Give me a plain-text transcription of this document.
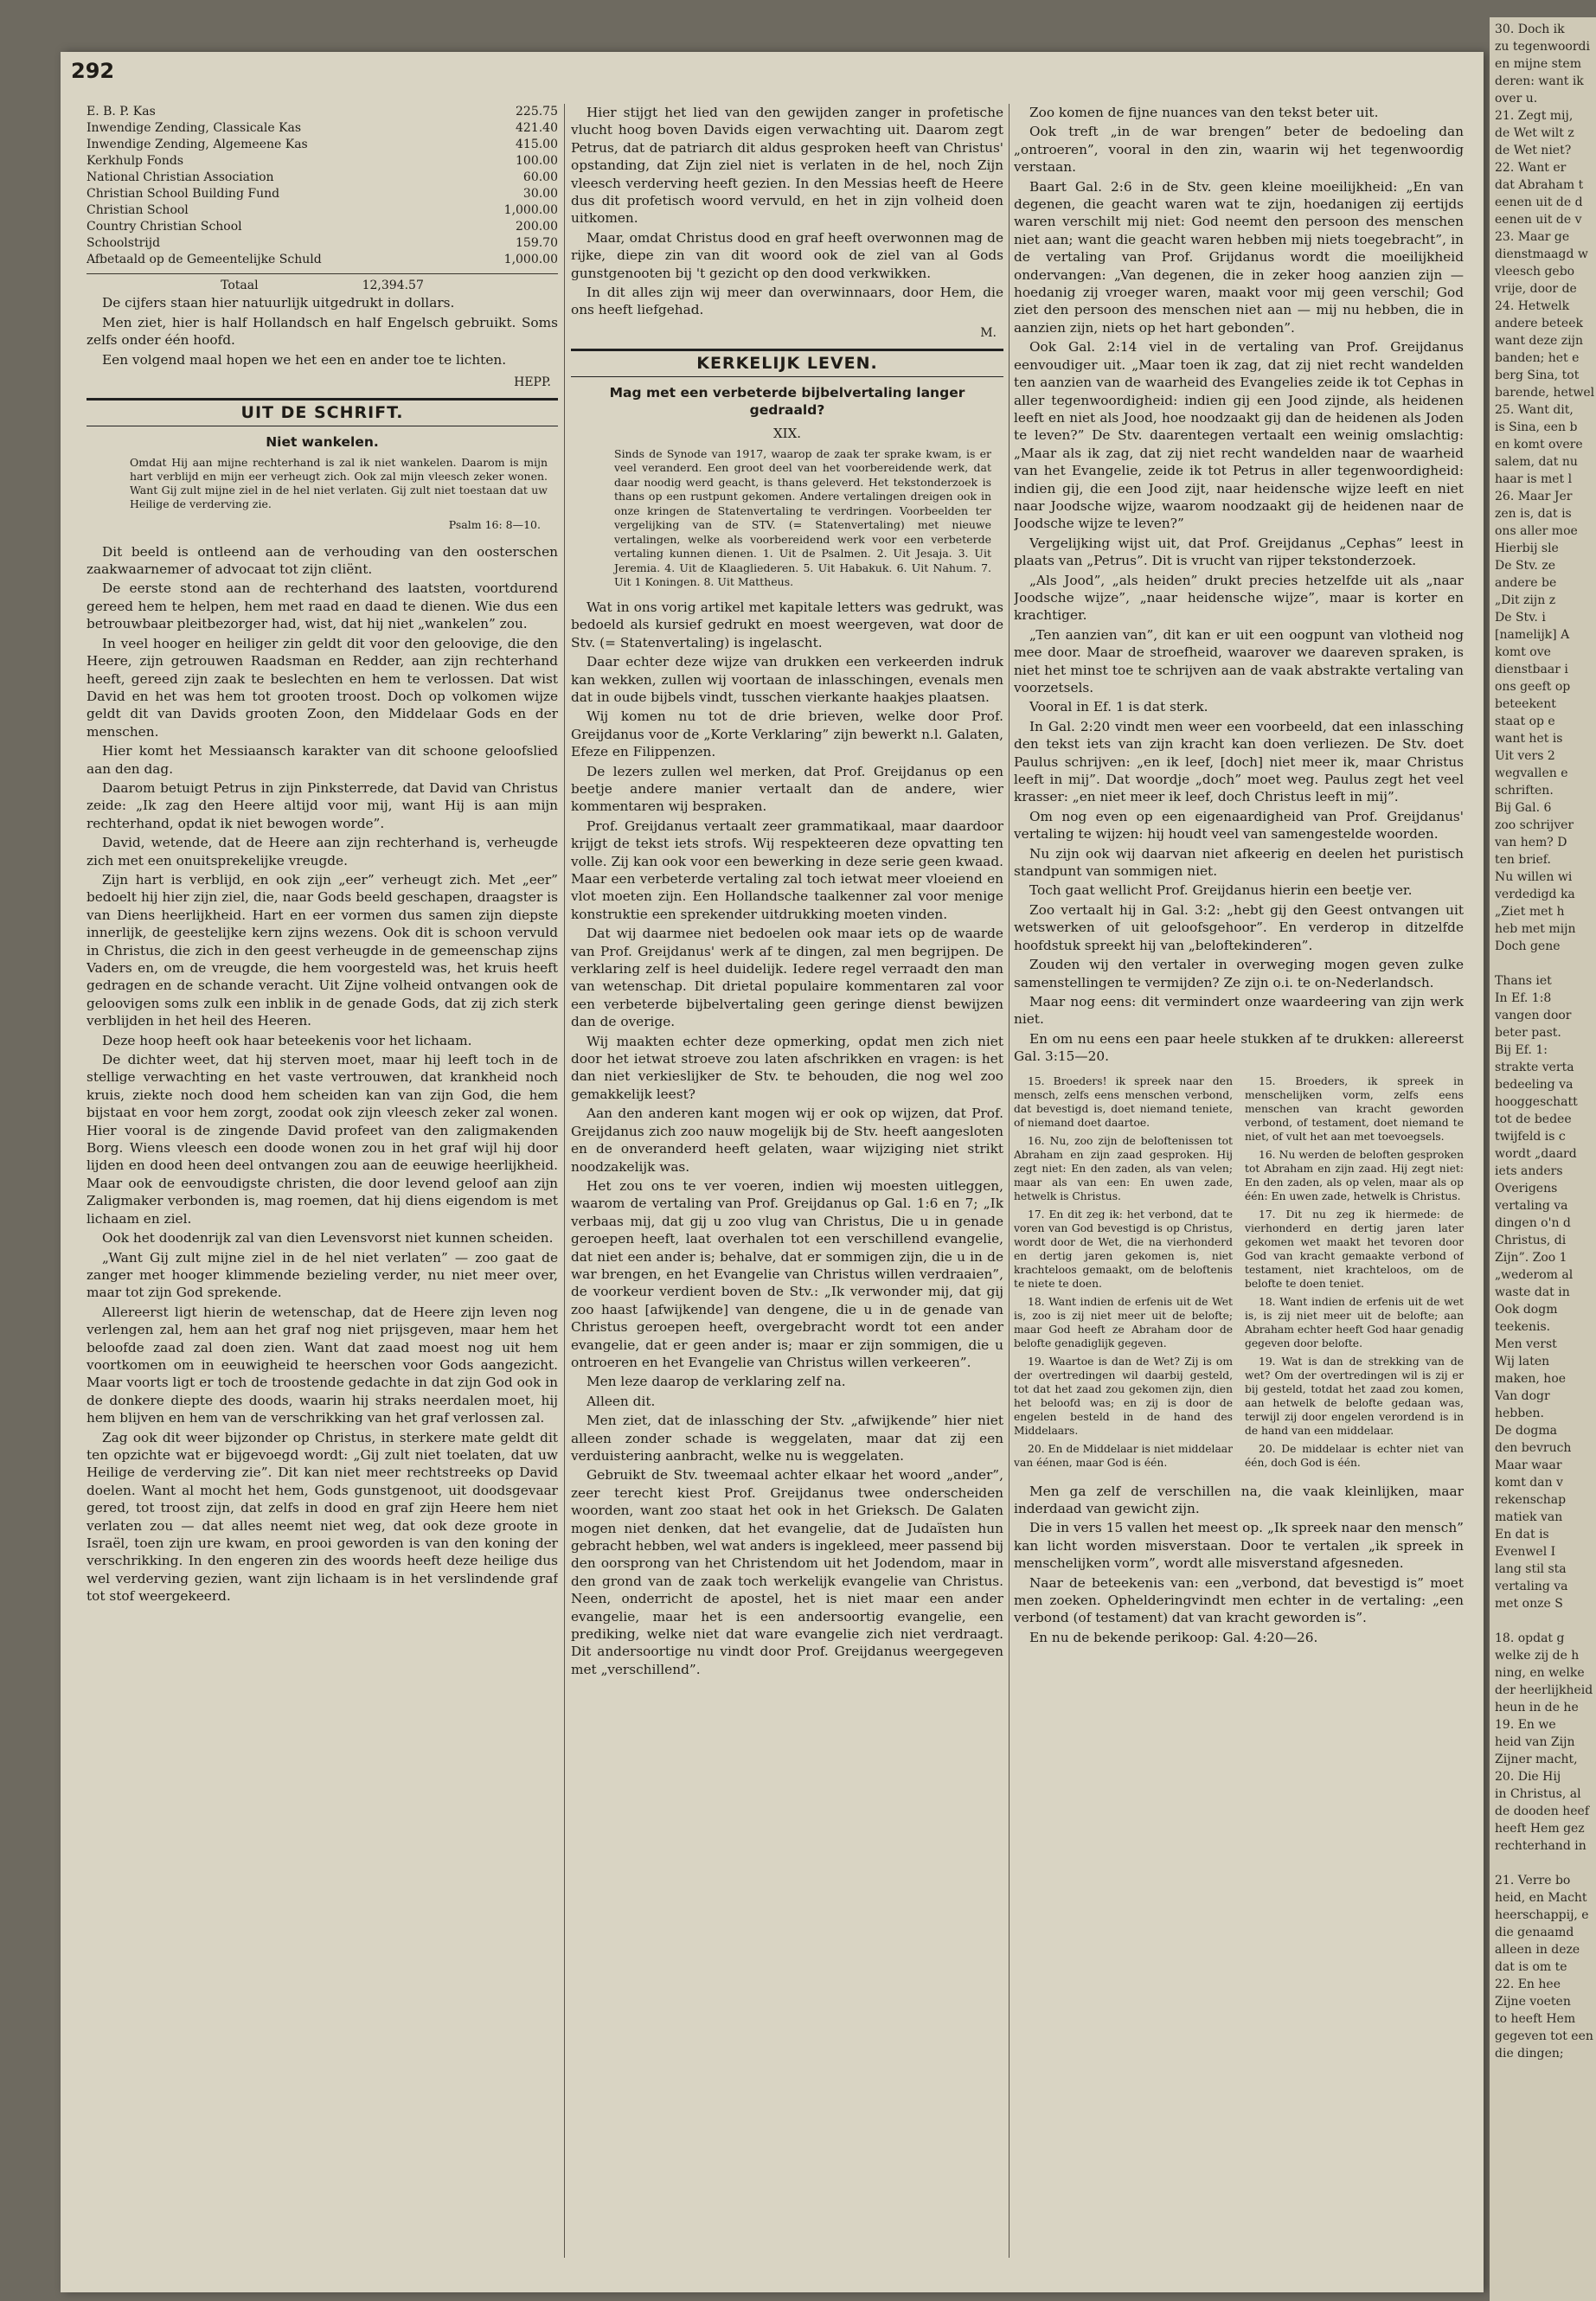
30. Doch ik
zu tegenwoordi
en mijne stem
deren: want ik
over u.
21. Zegt mij,
de Wet wilt z
de Wet niet?
22. Want er
dat Abraham t
eenen uit de d
eenen uit de v
23. Maar ge
dienstmaagd w
vleesch gebo
vrije, door de
24. Hetwelk
andere beteek
want deze zijn
banden; het e
berg Sina, tot
barende, hetwel
25. Want dit,
is Sina, een b
en komt overe
salem, dat nu
haar is met l
26. Maar Jer
zen is, dat is
ons aller moe
Hierbij sle
De Stv. ze
andere be
„Dit zijn z
De Stv. i
[namelijk] A
komt ove
dienstbaar i
ons geeft op
beteekent
staat op e
want het is
Uit vers 2
wegvallen e
schriften.
Bij Gal. 6
zoo schrijver
van hem? D
ten brief.
Nu willen wi
verdedigd ka
„Ziet met h
heb met mijn
Doch gene
Thans iet
In Ef. 1:8
vangen door
beter past.
Bij Ef. 1:
strakte verta
bedeeling va
hooggeschatt
tot de bedee
twijfeld is c
wordt „daard
iets anders
Overigens
vertaling va
dingen o'n d
Christus, di
Zijn”. Zoo 1
„wederom al
waste dat in
Ook dogm
teekenis.
Men verst
Wij laten
maken, hoe
Van dogr
hebben.
De dogma
den bevruch
Maar waar
komt dan v
rekenschap
matiek van
En dat is
Evenwel I
lang stil sta
vertaling va
met onze S
18. opdat g
welke zij de h
ning, en welke
der heerlijkheid
heun in de he
19. En we
heid van Zijn
Zijner macht,
20. Die Hij
in Christus, al
de dooden heef
heeft Hem gez
rechterhand in
21. Verre bo
heid, en Macht
heerschappij, e
die genaamd
alleen in deze
dat is om te
22. En hee
Zijne voeten
to heeft Hem
gegeven tot een
die dingen;
292
E. B. P. Kas	225.75
Inwendige Zending, Classicale Kas	421.40
Inwendige Zending, Algemeene Kas	415.00
Kerkhulp Fonds	100.00
National Christian Association	60.00
Christian School Building Fund	30.00
Christian School	1,000.00
Country Christian School	200.00
Schoolstrijd	159.70
Afbetaald op de Gemeentelijke Schuld	1,000.00
Totaal	12,394.57

De cijfers staan hier natuurlijk uitgedrukt in dollars.

Men ziet, hier is half Hollandsch en half Engelsch gebruikt. Soms zelfs onder één hoofd.

Een volgend maal hopen we het een en ander toe te lichten.

HEPP.
UIT DE SCHRIFT.
Niet wankelen.
Omdat Hij aan mijne rechterhand is zal ik niet wankelen. Daarom is mijn hart verblijd en mijn eer verheugt zich. Ook zal mijn vleesch zeker wonen. Want Gij zult mijne ziel in de hel niet verlaten. Gij zult niet toestaan dat uw Heilige de verderving zie.
Psalm 16: 8—10.

Dit beeld is ontleend aan de verhouding van den oosterschen zaakwaarnemer of advocaat tot zijn cliënt.

De eerste stond aan de rechterhand des laatsten, voortdurend gereed hem te helpen, hem met raad en daad te dienen. Wie dus een betrouwbaar pleitbezorger had, wist, dat hij niet „wankelen” zou.

In veel hooger en heiliger zin geldt dit voor den geloovige, die den Heere, zijn getrouwen Raadsman en Redder, aan zijn rechterhand heeft, gereed zijn zaak te beslechten en hem te verlossen. Dat wist David en het was hem tot grooten troost. Doch op volkomen wijze geldt dit van Davids grooten Zoon, den Middelaar Gods en der menschen.

Hier komt het Messiaansch karakter van dit schoone geloofslied aan den dag.

Daarom betuigt Petrus in zijn Pinksterrede, dat David van Christus zeide: „Ik zag den Heere altijd voor mij, want Hij is aan mijn rechterhand, opdat ik niet bewogen worde”.

David, wetende, dat de Heere aan zijn rechterhand is, verheugde zich met een onuitsprekelijke vreugde.

Zijn hart is verblijd, en ook zijn „eer” verheugt zich. Met „eer” bedoelt hij hier zijn ziel, die, naar Gods beeld geschapen, draagster is van Diens heerlijkheid. Hart en eer vormen dus samen zijn diepste innerlijk, de geestelijke kern zijns wezens. Ook dit is schoon vervuld in Christus, die zich in den geest verheugde in de gemeenschap zijns Vaders en, om de vreugde, die hem voorgesteld was, het kruis heeft gedragen en de schande veracht. Uit Zijne volheid ontvangen ook de geloovigen soms zulk een inblik in de genade Gods, dat zij zich sterk verblijden in het heil des Heeren.

Deze hoop heeft ook haar beteekenis voor het lichaam.

De dichter weet, dat hij sterven moet, maar hij leeft toch in de stellige verwachting en het vaste vertrouwen, dat krankheid noch kruis, ziekte noch dood hem scheiden kan van zijn God, die hem bijstaat en voor hem zorgt, zoodat ook zijn vleesch zeker zal wonen. Hier vooral is de zingende David profeet van den zaligmakenden Borg. Wiens vleesch een doode wonen zou in het graf wijl hij door lijden en dood heen deel ontvangen zou aan de eeuwige heerlijkheid. Maar ook de eenvoudigste christen, die door levend geloof aan zijn Zaligmaker verbonden is, mag roemen, dat hij diens eigendom is met lichaam en ziel.

Ook het doodenrijk zal van dien Levensvorst niet kunnen scheiden.

„Want Gij zult mijne ziel in de hel niet verlaten” — zoo gaat de zanger met hooger klimmende bezieling verder, nu niet meer over, maar tot zijn God sprekende.

Allereerst ligt hierin de wetenschap, dat de Heere zijn leven nog verlengen zal, hem aan het graf nog niet prijsgeven, maar hem het beloofde zaad zal doen zien. Want dat zaad moest nog uit hem voortkomen om in eeuwigheid te heerschen voor Gods aangezicht. Maar voorts ligt er toch de troostende gedachte in dat zijn God ook in de donkere diepte des doods, waarin hij straks neerdalen moet, hij hem blijven en hem van de verschrikking van het graf verlossen zal.

Zag ook dit weer bijzonder op Christus, in sterkere mate geldt dit ten opzichte wat er bijgevoegd wordt: „Gij zult niet toelaten, dat uw Heilige de verderving zie”. Dit kan niet meer rechtstreeks op David doelen. Want al mocht het hem, Gods gunstgenoot, uit doodsgevaar gered, tot troost zijn, dat zelfs in dood en graf zijn Heere hem niet verlaten zou — dat alles neemt niet weg, dat ook deze groote in Israël, toen zijn ure kwam, en prooi geworden is van den koning der verschrikking. In den engeren zin des woords heeft deze heilige dus wel verderving gezien, want zijn lichaam is in het verslindende graf tot stof weergekeerd.

Hier stijgt het lied van den gewijden zanger in profetische vlucht hoog boven Davids eigen verwachting uit. Daarom zegt Petrus, dat de patriarch dit aldus gesproken heeft van Christus' opstanding, dat Zijn ziel niet is verlaten in de hel, noch Zijn vleesch verderving heeft gezien. In den Messias heeft de Heere dus dit profetisch woord vervuld, en het in zijn volheid doen uitkomen.

Maar, omdat Christus dood en graf heeft overwonnen mag de rijke, diepe zin van dit woord ook de ziel van al Gods gunstgenooten bij 't gezicht op den dood verkwikken.

In dit alles zijn wij meer dan overwinnaars, door Hem, die ons heeft liefgehad.

M.
KERKELIJK LEVEN.
Mag met een verbeterde bijbelvertaling langer gedraald?
XIX.
Sinds de Synode van 1917, waarop de zaak ter sprake kwam, is er veel veranderd. Een groot deel van het voorbereidende werk, dat daar noodig werd geacht, is thans geleverd. Het tekstonderzoek is thans op een rustpunt gekomen. Andere vertalingen dreigen ook in onze kringen de Statenvertaling te verdringen. Voorbeelden ter vergelijking van de STV. (= Statenvertaling) met nieuwe vertalingen, welke als voorbereidend werk voor een verbeterde vertaling kunnen dienen. 1. Uit de Psalmen. 2. Uit Jesaja. 3. Uit Jeremia. 4. Uit de Klaagliederen. 5. Uit Habakuk. 6. Uit Nahum. 7. Uit 1 Koningen. 8. Uit Mattheus.

Wat in ons vorig artikel met kapitale letters was gedrukt, was bedoeld als kursief gedrukt en moest weergeven, wat door de Stv. (= Statenvertaling) is ingelascht.

Daar echter deze wijze van drukken een verkeerden indruk kan wekken, zullen wij voortaan de inlasschingen, evenals men dat in oude bijbels vindt, tusschen vierkante haakjes plaatsen.

Wij komen nu tot de drie brieven, welke door Prof. Greijdanus voor de „Korte Verklaring” zijn bewerkt n.l. Galaten, Efeze en Filippenzen.

De lezers zullen wel merken, dat Prof. Greijdanus op een beetje andere manier vertaalt dan de andere, wier kommentaren wij bespraken.

Prof. Greijdanus vertaalt zeer grammatikaal, maar daardoor krijgt de tekst iets strofs. Wij respekteeren deze opvatting ten volle. Zij kan ook voor een bewerking in deze serie geen kwaad. Maar een verbeterde vertaling zal toch ietwat meer vloeiend en vlot moeten zijn. Een Hollandsche taalkenner zal voor menige konstruktie een sprekender uitdrukking moeten vinden.

Dat wij daarmee niet bedoelen ook maar iets op de waarde van Prof. Greijdanus' werk af te dingen, zal men begrijpen. De verklaring zelf is heel duidelijk. Iedere regel verraadt den man van wetenschap. Dit drietal populaire kommentaren zal voor een verbeterde bijbelvertaling geen geringe dienst bewijzen dan de overige.

Wij maakten echter deze opmerking, opdat men zich niet door het ietwat stroeve zou laten afschrikken en vragen: is het dan niet verkieslijker de Stv. te behouden, die nog wel zoo gemakkelijk leest?

Aan den anderen kant mogen wij er ook op wijzen, dat Prof. Greijdanus zich zoo nauw mogelijk bij de Stv. heeft aangesloten en de onveranderd heeft gelaten, waar wijziging niet strikt noodzakelijk was.

Het zou ons te ver voeren, indien wij moesten uitleggen, waarom de vertaling van Prof. Greijdanus op Gal. 1:6 en 7; „Ik verbaas mij, dat gij u zoo vlug van Christus, Die u in genade geroepen heeft, laat overhalen tot een verschillend evangelie, dat niet een ander is; behalve, dat er sommigen zijn, die u in de war brengen, en het Evangelie van Christus willen verdraaien”, de voorkeur verdient boven de Stv.: „Ik verwonder mij, dat gij zoo haast [afwijkende] van dengene, die u in de genade van Christus geroepen heeft, overgebracht wordt tot een ander evangelie, dat er geen ander is; maar er zijn sommigen, die u ontroeren en het Evangelie van Christus willen verkeeren”.

Men leze daarop de verklaring zelf na.

Alleen dit.

Men ziet, dat de inlassching der Stv. „afwijkende” hier niet alleen zonder schade is weggelaten, maar dat zij een verduistering aanbracht, welke nu is weggelaten.

Gebruikt de Stv. tweemaal achter elkaar het woord „ander”, zeer terecht kiest Prof. Greijdanus twee onderscheiden woorden, want zoo staat het ook in het Grieksch. De Galaten mogen niet denken, dat het evangelie, dat de Judaïsten hun gebracht hebben, wel wat anders is ingekleed, meer passend bij den oorsprong van het Christendom uit het Jodendom, maar in den grond van de zaak toch werkelijk evangelie van Christus. Neen, onderricht de apostel, het is niet maar een ander evangelie, maar het is een andersoortig evangelie, een prediking, welke niet dat ware evangelie zich niet verdraagt. Dit andersoortige nu vindt door Prof. Greijdanus weergegeven met „verschillend”.

Zoo komen de fijne nuances van den tekst beter uit.

Ook treft „in de war brengen” beter de bedoeling dan „ontroeren”, vooral in den zin, waarin wij het tegenwoordig verstaan.

Baart Gal. 2:6 in de Stv. geen kleine moeilijkheid: „En van degenen, die geacht waren wat te zijn, hoedanigen zij eertijds waren verschilt mij niet: God neemt den persoon des menschen niet aan; want die geacht waren hebben mij niets toegebracht”, in de vertaling van Prof. Grijdanus wordt die moeilijkheid ondervangen: „Van degenen, die in zeker hoog aanzien zijn — hoedanig zij vroeger waren, maakt voor mij geen verschil; God ziet den persoon des menschen niet aan — mij nu hebben, die in aanzien zijn, niets op het hart gebonden”.

Ook Gal. 2:14 viel in de vertaling van Prof. Greijdanus eenvoudiger uit. „Maar toen ik zag, dat zij niet recht wandelden ten aanzien van de waarheid des Evangelies zeide ik tot Cephas in aller tegenwoordigheid: indien gij een Jood zijnde, als heidenen leeft en niet als Jood, hoe noodzaakt gij dan de heidenen als Joden te leven?” De Stv. daarentegen vertaalt een weinig omslachtig: „Maar als ik zag, dat zij niet recht wandelden naar de waarheid van het Evangelie, zeide ik tot Petrus in aller tegenwoordigheid: indien gij, die een Jood zijt, naar heidensche wijze leeft en niet naar Joodsche wijze, waarom noodzaakt gij de heidenen naar de Joodsche wijze te leven?”

Vergelijking wijst uit, dat Prof. Greijdanus „Cephas” leest in plaats van „Petrus”. Dit is vrucht van rijper tekstonderzoek.

„Als Jood”, „als heiden” drukt precies hetzelfde uit als „naar Joodsche wijze”, „naar heidensche wijze”, maar is korter en krachtiger.

„Ten aanzien van”, dit kan er uit een oogpunt van vlotheid nog mee door. Maar de stroefheid, waarover we daareven spraken, is niet het minst toe te schrijven aan de vaak abstrakte vertaling van voorzetsels.

Vooral in Ef. 1 is dat sterk.

In Gal. 2:20 vindt men weer een voorbeeld, dat een inlassching den tekst iets van zijn kracht kan doen verliezen. De Stv. doet Paulus schrijven: „en ik leef, [doch] niet meer ik, maar Christus leeft in mij”. Dat woordje „doch” moet weg. Paulus zegt het veel krasser: „en niet meer ik leef, doch Christus leeft in mij”.

Om nog even op een eigenaardigheid van Prof. Greijdanus' vertaling te wijzen: hij houdt veel van samengestelde woorden.

Nu zijn ook wij daarvan niet afkeerig en deelen het puristisch standpunt van sommigen niet.

Toch gaat wellicht Prof. Greijdanus hierin een beetje ver.

Zoo vertaalt hij in Gal. 3:2: „hebt gij den Geest ontvangen uit wetswerken of uit geloofsgehoor”. En verderop in ditzelfde hoofdstuk spreekt hij van „beloftekinderen”.

Zouden wij den vertaler in overweging mogen geven zulke samenstellingen te vermijden? Ze zijn o.i. te on-Nederlandsch.

Maar nog eens: dit vermindert onze waardeering van zijn werk niet.

En om nu eens een paar heele stukken af te drukken: allereerst Gal. 3:15—20.

15. Broeders! ik spreek naar den mensch, zelfs eens menschen verbond, dat bevestigd is, doet niemand teniete, of niemand doet daartoe.
16. Nu, zoo zijn de beloftenissen tot Abraham en zijn zaad gesproken. Hij zegt niet: En den zaden, als van velen; maar als van een: En uwen zade, hetwelk is Christus.
17. En dit zeg ik: het verbond, dat te voren van God bevestigd is op Christus, wordt door de Wet, die na vierhonderd en dertig jaren gekomen is, niet krachteloos gemaakt, om de beloftenis te niete te doen.
18. Want indien de erfenis uit de Wet is, zoo is zij niet meer uit de belofte; maar God heeft ze Abraham door de belofte genadiglijk gegeven.
19. Waartoe is dan de Wet? Zij is om der overtredingen wil daarbij gesteld, tot dat het zaad zou gekomen zijn, dien het beloofd was; en zij is door de engelen besteld in de hand des Middelaars.
20. En de Middelaar is niet middelaar van éénen, maar God is één.
15. Broeders, ik spreek in menschelijken vorm, zelfs eens menschen van kracht geworden verbond, of testament, doet niemand te niet, of vult het aan met toevoegsels.
16. Nu werden de beloften gesproken tot Abraham en zijn zaad. Hij zegt niet: En den zaden, als op velen, maar als op één: En uwen zade, hetwelk is Christus.
17. Dit nu zeg ik hiermede: de vierhonderd en dertig jaren later gekomen wet maakt het tevoren door God van kracht gemaakte verbond of testament, niet krachteloos, om de belofte te doen teniet.
18. Want indien de erfenis uit de wet is, is zij niet meer uit de belofte; aan Abraham echter heeft God haar genadig gegeven door belofte.
19. Wat is dan de strekking van de wet? Om der overtredingen wil is zij er bij gesteld, totdat het zaad zou komen, aan hetwelk de belofte gedaan was, terwijl zij door engelen verordend is in de hand van een middelaar.
20. De middelaar is echter niet van één, doch God is één.

Men ga zelf de verschillen na, die vaak kleinlijken, maar inderdaad van gewicht zijn.

Die in vers 15 vallen het meest op. „Ik spreek naar den mensch” kan licht worden misverstaan. Door te vertalen „ik spreek in menschelijken vorm”, wordt alle misverstand afgesneden.

Naar de beteekenis van: een „verbond, dat bevestigd is” moet men zoeken. Ophelderingvindt men echter in de vertaling: „een verbond (of testament) dat van kracht geworden is”.

En nu de bekende perikoop: Gal. 4:20—26.
